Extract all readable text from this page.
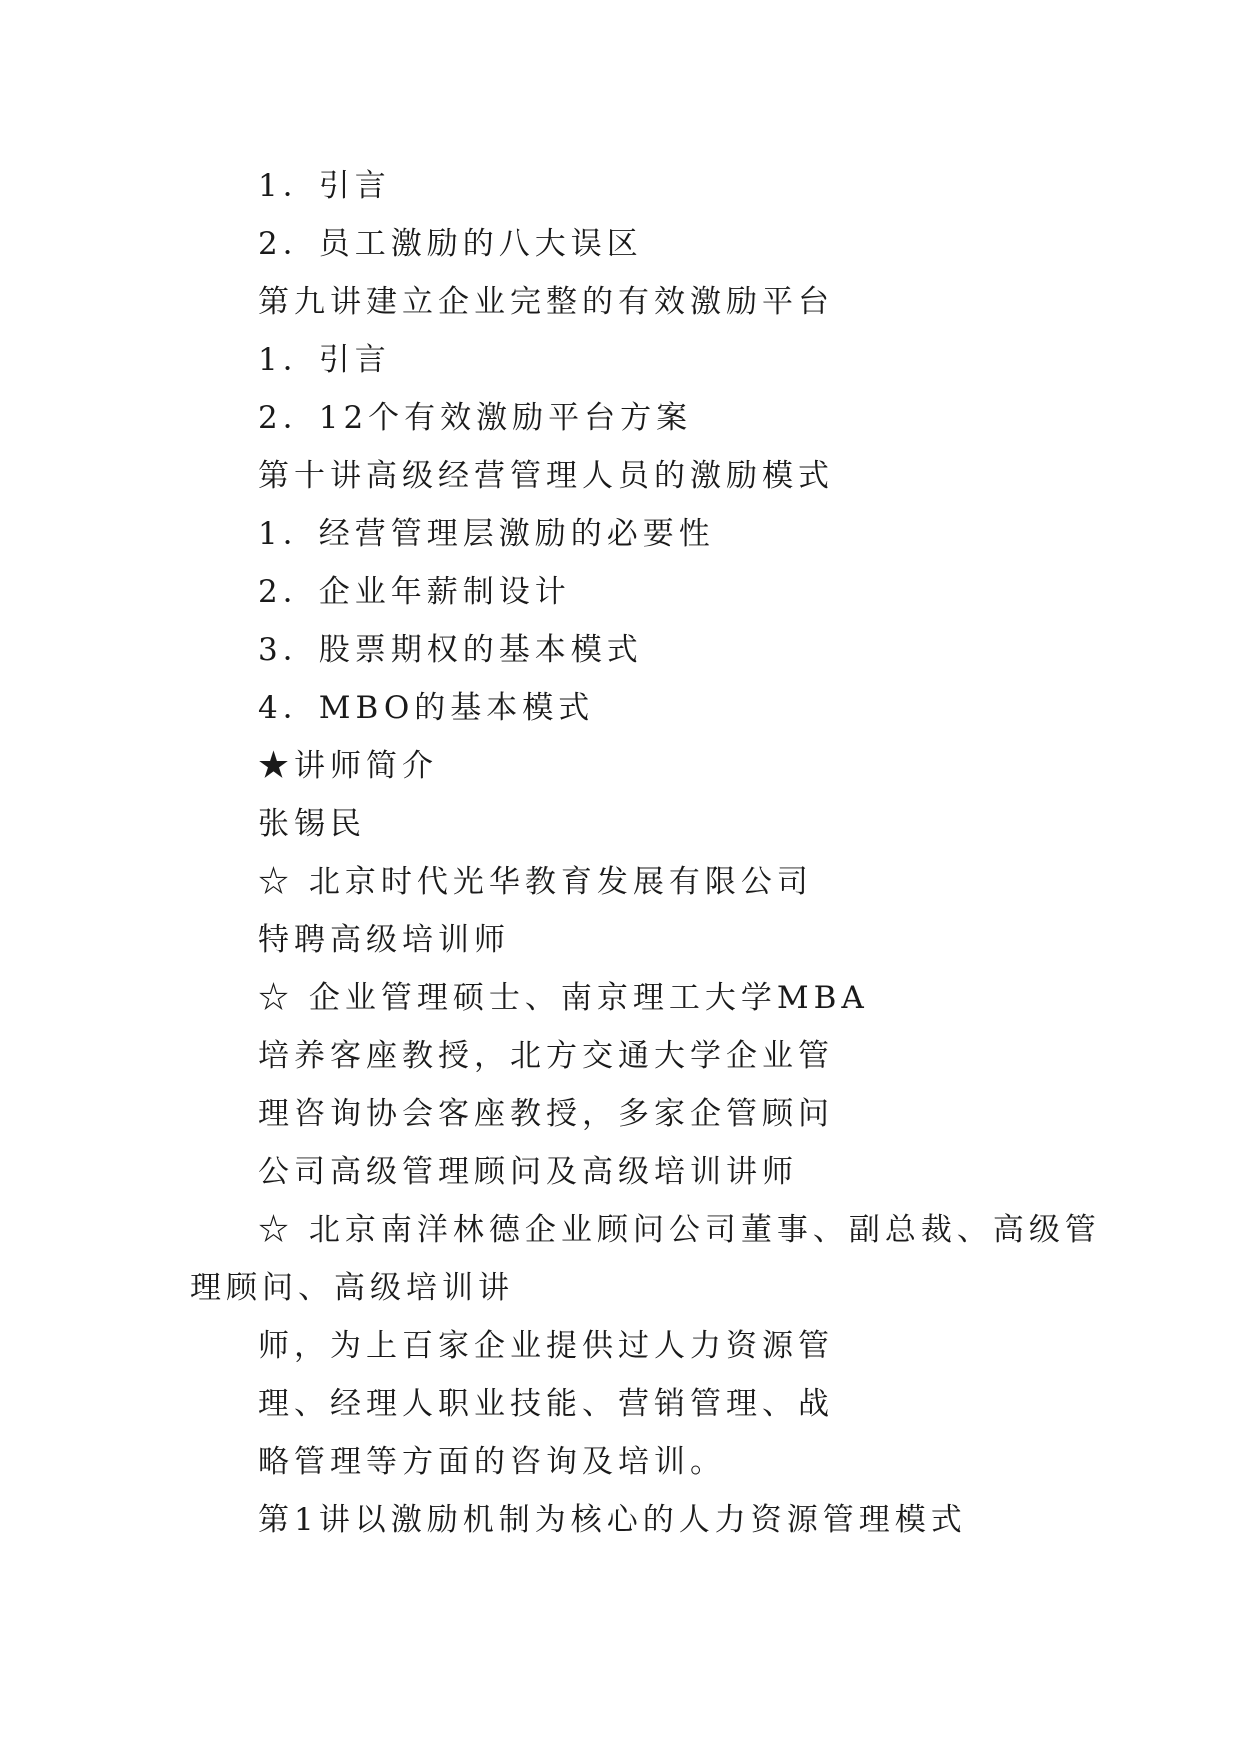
1．引言
2．员工激励的八大误区
第九讲建立企业完整的有效激励平台
1．引言
2．12个有效激励平台方案
第十讲高级经营管理人员的激励模式
1．经营管理层激励的必要性
2．企业年薪制设计
3．股票期权的基本模式
4．MBO的基本模式
★讲师简介
张锡民
☆ 北京时代光华教育发展有限公司
特聘高级培训师
☆ 企业管理硕士、南京理工大学MBA
培养客座教授，北方交通大学企业管
理咨询协会客座教授，多家企管顾问
公司高级管理顾问及高级培训讲师
☆ 北京南洋林德企业顾问公司董事、副总裁、高级管
理顾问、高级培训讲
师，为上百家企业提供过人力资源管
理、经理人职业技能、营销管理、战
略管理等方面的咨询及培训。
第1讲以激励机制为核心的人力资源管理模式
